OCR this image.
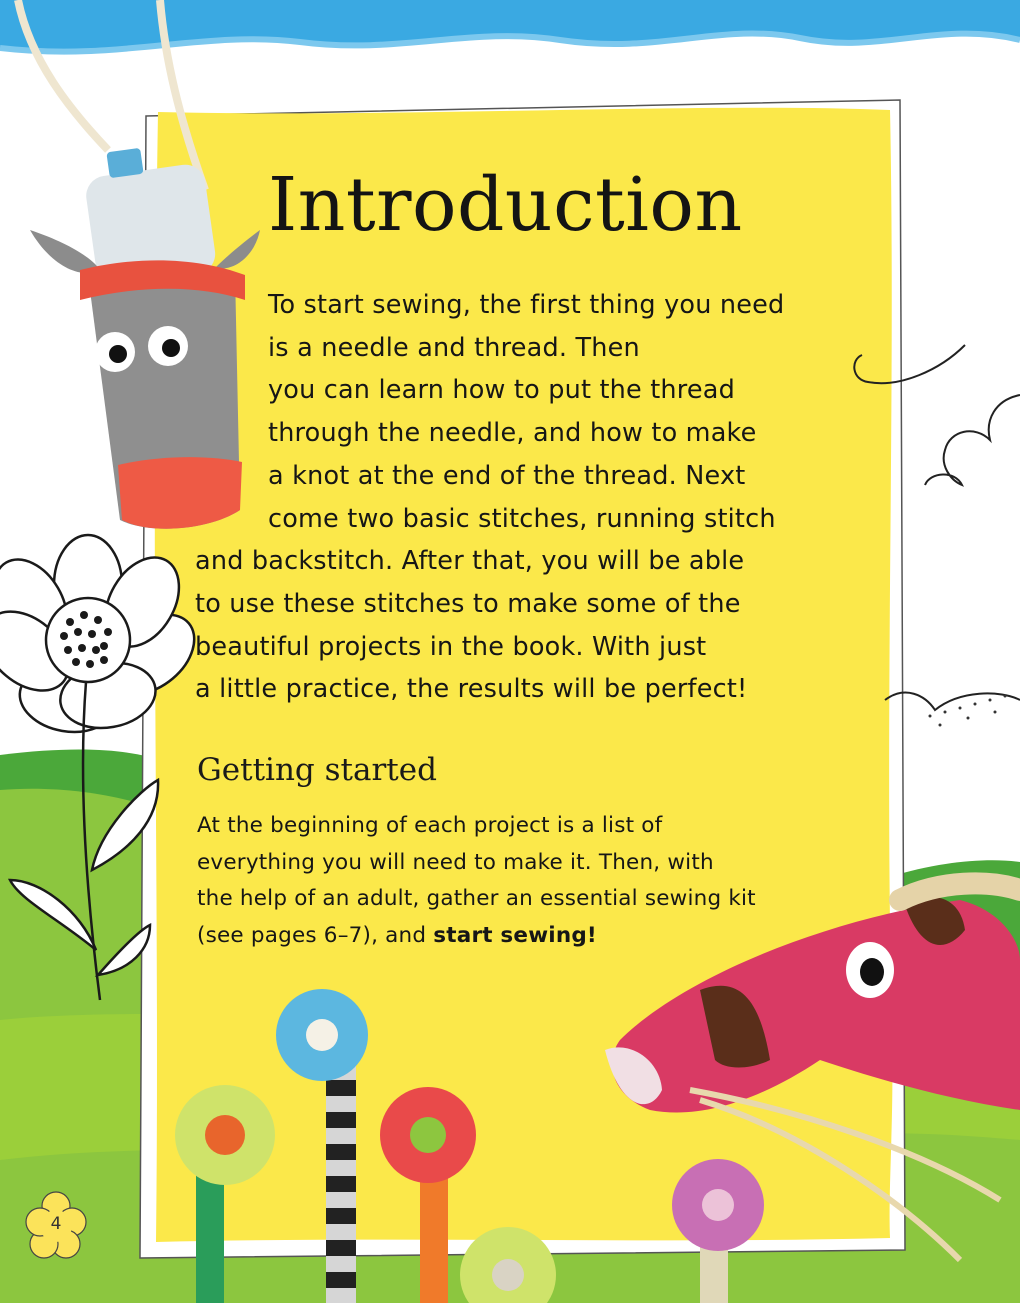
Introduction

To start sewing, the first thing you need
is a needle and thread. Then
you can learn how to put the thread
through the needle, and how to make
a knot at the end of the thread. Next
come two basic stitches, running stitch
and backstitch. After that, you will be able
to use these stitches to make some of the
beautiful projects in the book. With just
a little practice, the results will be perfect!

Getting started

At the beginning of each project is a list of
everything you will need to make it. Then, with
the help of an adult, gather an essential sewing kit
(see pages 6–7), and start sewing!

4
